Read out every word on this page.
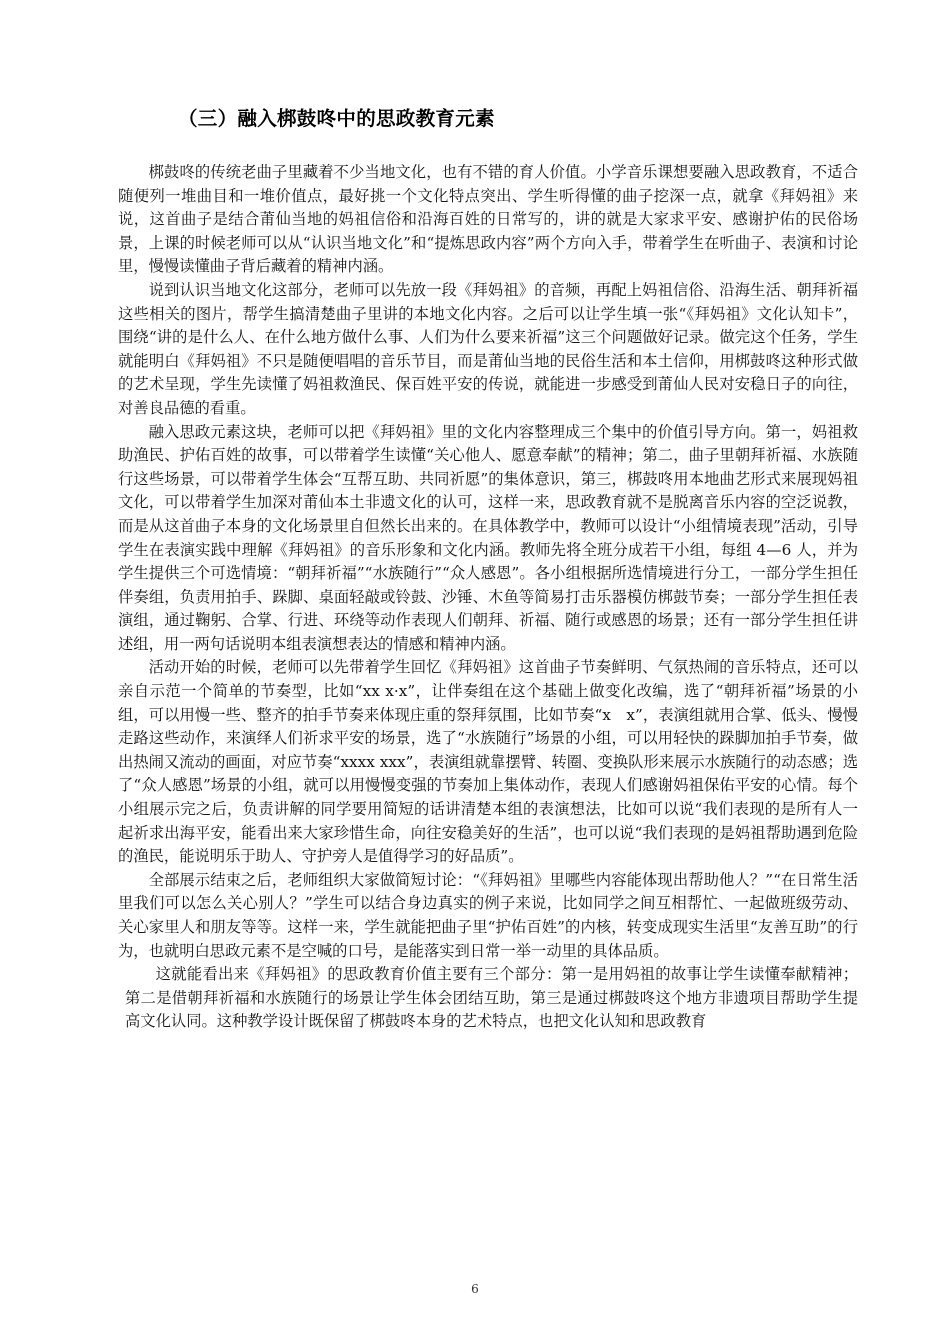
（三）融入梆鼓咚中的思政教育元素

梆鼓咚的传统老曲子里藏着不少当地文化，也有不错的育人价值。小学音乐课想要融入思政教育，不适合随便列一堆曲目和一堆价值点，最好挑一个文化特点突出、学生听得懂的曲子挖深一点，就拿《拜妈祖》来说，这首曲子是结合莆仙当地的妈祖信俗和沿海百姓的日常写的，讲的就是大家求平安、感谢护佑的民俗场景，上课的时候老师可以从“认识当地文化”和“提炼思政内容”两个方向入手，带着学生在听曲子、表演和讨论里，慢慢读懂曲子背后藏着的精神内涵。

说到认识当地文化这部分，老师可以先放一段《拜妈祖》的音频，再配上妈祖信俗、沿海生活、朝拜祈福这些相关的图片，帮学生搞清楚曲子里讲的本地文化内容。之后可以让学生填一张“《拜妈祖》文化认知卡”，围绕“讲的是什么人、在什么地方做什么事、人们为什么要来祈福”这三个问题做好记录。做完这个任务，学生就能明白《拜妈祖》不只是随便唱唱的音乐节目，而是莆仙当地的民俗生活和本土信仰，用梆鼓咚这种形式做的艺术呈现，学生先读懂了妈祖救渔民、保百姓平安的传说，就能进一步感受到莆仙人民对安稳日子的向往，对善良品德的看重。

融入思政元素这块，老师可以把《拜妈祖》里的文化内容整理成三个集中的价值引导方向。第一，妈祖救助渔民、护佑百姓的故事，可以带着学生读懂“关心他人、愿意奉献”的精神；第二，曲子里朝拜祈福、水族随行这些场景，可以带着学生体会“互帮互助、共同祈愿”的集体意识，第三，梆鼓咚用本地曲艺形式来展现妈祖文化，可以带着学生加深对莆仙本土非遗文化的认可，这样一来，思政教育就不是脱离音乐内容的空泛说教，而是从这首曲子本身的文化场景里自但然长出来的。在具体教学中，教师可以设计“小组情境表现”活动，引导学生在表演实践中理解《拜妈祖》的音乐形象和文化内涵。教师先将全班分成若干小组，每组 4—6 人，并为学生提供三个可选情境：“朝拜祈福”“水族随行”“众人感恩”。各小组根据所选情境进行分工，一部分学生担任伴奏组，负责用拍手、跺脚、桌面轻敲或铃鼓、沙锤、木鱼等简易打击乐器模仿梆鼓节奏；一部分学生担任表演组，通过鞠躬、合掌、行进、环绕等动作表现人们朝拜、祈福、随行或感恩的场景；还有一部分学生担任讲述组，用一两句话说明本组表演想表达的情感和精神内涵。

活动开始的时候，老师可以先带着学生回忆《拜妈祖》这首曲子节奏鲜明、气氛热闹的音乐特点，还可以亲自示范一个简单的节奏型，比如“xx x·x”，让伴奏组在这个基础上做变化改编，选了“朝拜祈福”场景的小组，可以用慢一些、整齐的拍手节奏来体现庄重的祭拜氛围，比如节奏“x　x”，表演组就用合掌、低头、慢慢走路这些动作，来演绎人们祈求平安的场景，选了“水族随行”场景的小组，可以用轻快的跺脚加拍手节奏，做出热闹又流动的画面，对应节奏“xxxx xxx”，表演组就靠摆臂、转圈、变换队形来展示水族随行的动态感；选了“众人感恩”场景的小组，就可以用慢慢变强的节奏加上集体动作，表现人们感谢妈祖保佑平安的心情。每个小组展示完之后，负责讲解的同学要用简短的话讲清楚本组的表演想法，比如可以说“我们表现的是所有人一起祈求出海平安，能看出来大家珍惜生命，向往安稳美好的生活”，也可以说“我们表现的是妈祖帮助遇到危险的渔民，能说明乐于助人、守护旁人是值得学习的好品质”。

全部展示结束之后，老师组织大家做简短讨论：“《拜妈祖》里哪些内容能体现出帮助他人？”“在日常生活里我们可以怎么关心别人？”学生可以结合身边真实的例子来说，比如同学之间互相帮忙、一起做班级劳动、关心家里人和朋友等等。这样一来，学生就能把曲子里“护佑百姓”的内核，转变成现实生活里“友善互助”的行为，也就明白思政元素不是空喊的口号，是能落实到日常一举一动里的具体品质。

这就能看出来《拜妈祖》的思政教育价值主要有三个部分：第一是用妈祖的故事让学生读懂奉献精神；第二是借朝拜祈福和水族随行的场景让学生体会团结互助，第三是通过梆鼓咚这个地方非遗项目帮助学生提高文化认同。这种教学设计既保留了梆鼓咚本身的艺术特点，也把文化认知和思政教育

6
